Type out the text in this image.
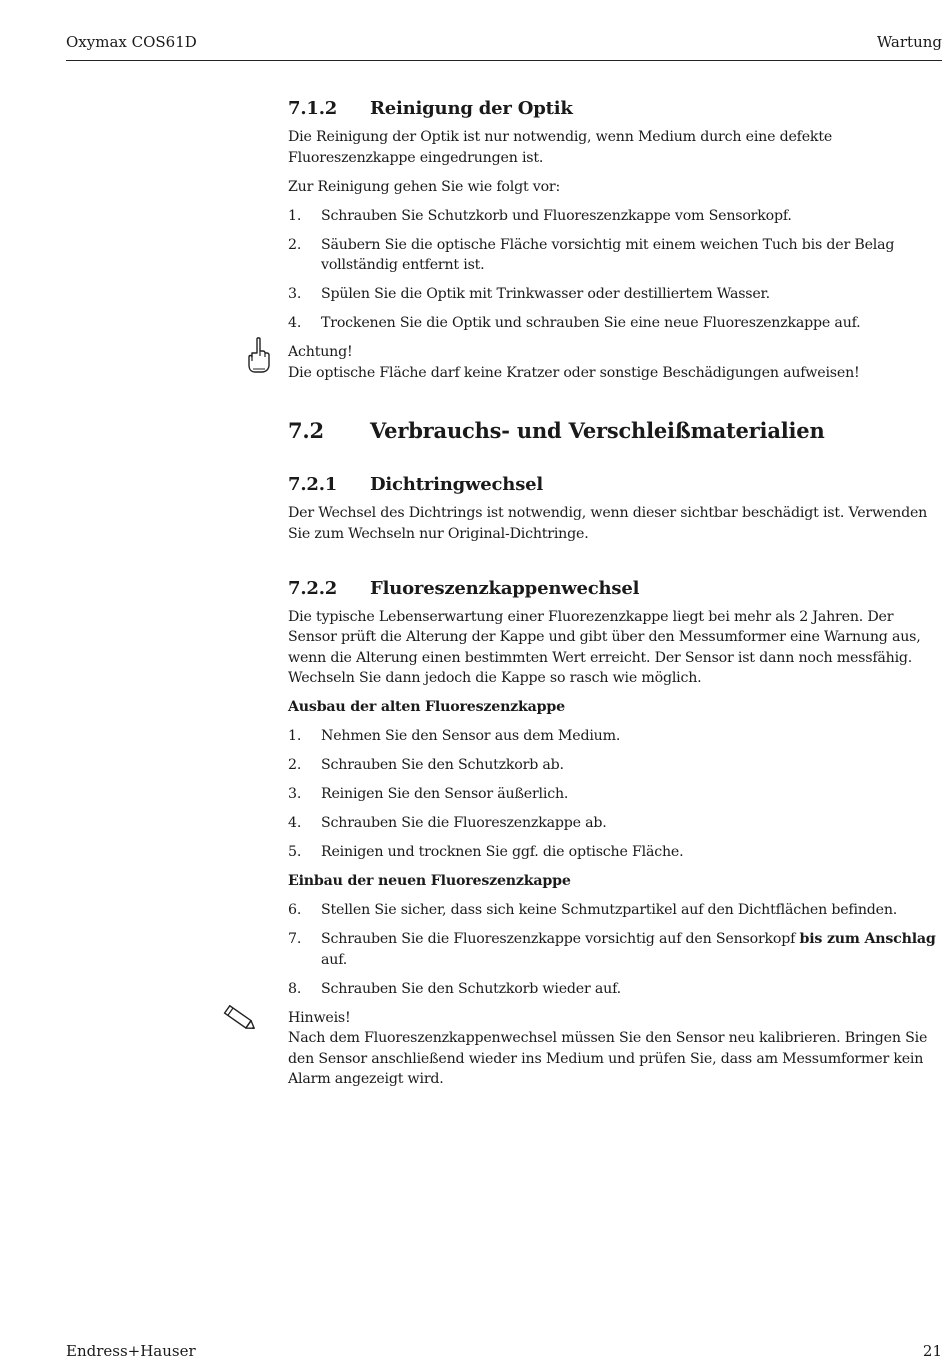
Oxymax COS61D	Wartung
7.1.2 Reinigung der Optik

Die Reinigung der Optik ist nur notwendig, wenn Medium durch eine defekte Fluoreszenzkappe eingedrungen ist.

Zur Reinigung gehen Sie wie folgt vor:

1. Schrauben Sie Schutzkorb und Fluoreszenzkappe vom Sensorkopf.
2. Säubern Sie die optische Fläche vorsichtig mit einem weichen Tuch bis der Belag vollständig entfernt ist.
3. Spülen Sie die Optik mit Trinkwasser oder destilliertem Wasser.
4. Trockenen Sie die Optik und schrauben Sie eine neue Fluoreszenzkappe auf.
Achtung!
Die optische Fläche darf keine Kratzer oder sonstige Beschädigungen aufweisen!
7.2 Verbrauchs- und Verschleißmaterialien
7.2.1 Dichtringwechsel

Der Wechsel des Dichtrings ist notwendig, wenn dieser sichtbar beschädigt ist. Verwenden Sie zum Wechseln nur Original-Dichtringe.

7.2.2 Fluoreszenzkappenwechsel

Die typische Lebenserwartung einer Fluorezenzkappe liegt bei mehr als 2 Jahren. Der Sensor prüft die Alterung der Kappe und gibt über den Messumformer eine Warnung aus, wenn die Alterung einen bestimmten Wert erreicht. Der Sensor ist dann noch messfähig. Wechseln Sie dann jedoch die Kappe so rasch wie möglich.

Ausbau der alten Fluoreszenzkappe
1. Nehmen Sie den Sensor aus dem Medium.
2. Schrauben Sie den Schutzkorb ab.
3. Reinigen Sie den Sensor äußerlich.
4. Schrauben Sie die Fluoreszenzkappe ab.
5. Reinigen und trocknen Sie ggf. die optische Fläche.
Einbau der neuen Fluoreszenzkappe
6. Stellen Sie sicher, dass sich keine Schmutzpartikel auf den Dichtflächen befinden.
7. Schrauben Sie die Fluoreszenzkappe vorsichtig auf den Sensorkopf bis zum Anschlag auf.
8. Schrauben Sie den Schutzkorb wieder auf.
Hinweis!
Nach dem Fluoreszenzkappenwechsel müssen Sie den Sensor neu kalibrieren. Bringen Sie den Sensor anschließend wieder ins Medium und prüfen Sie, dass am Messumformer kein Alarm angezeigt wird.
Endress+Hauser	21
